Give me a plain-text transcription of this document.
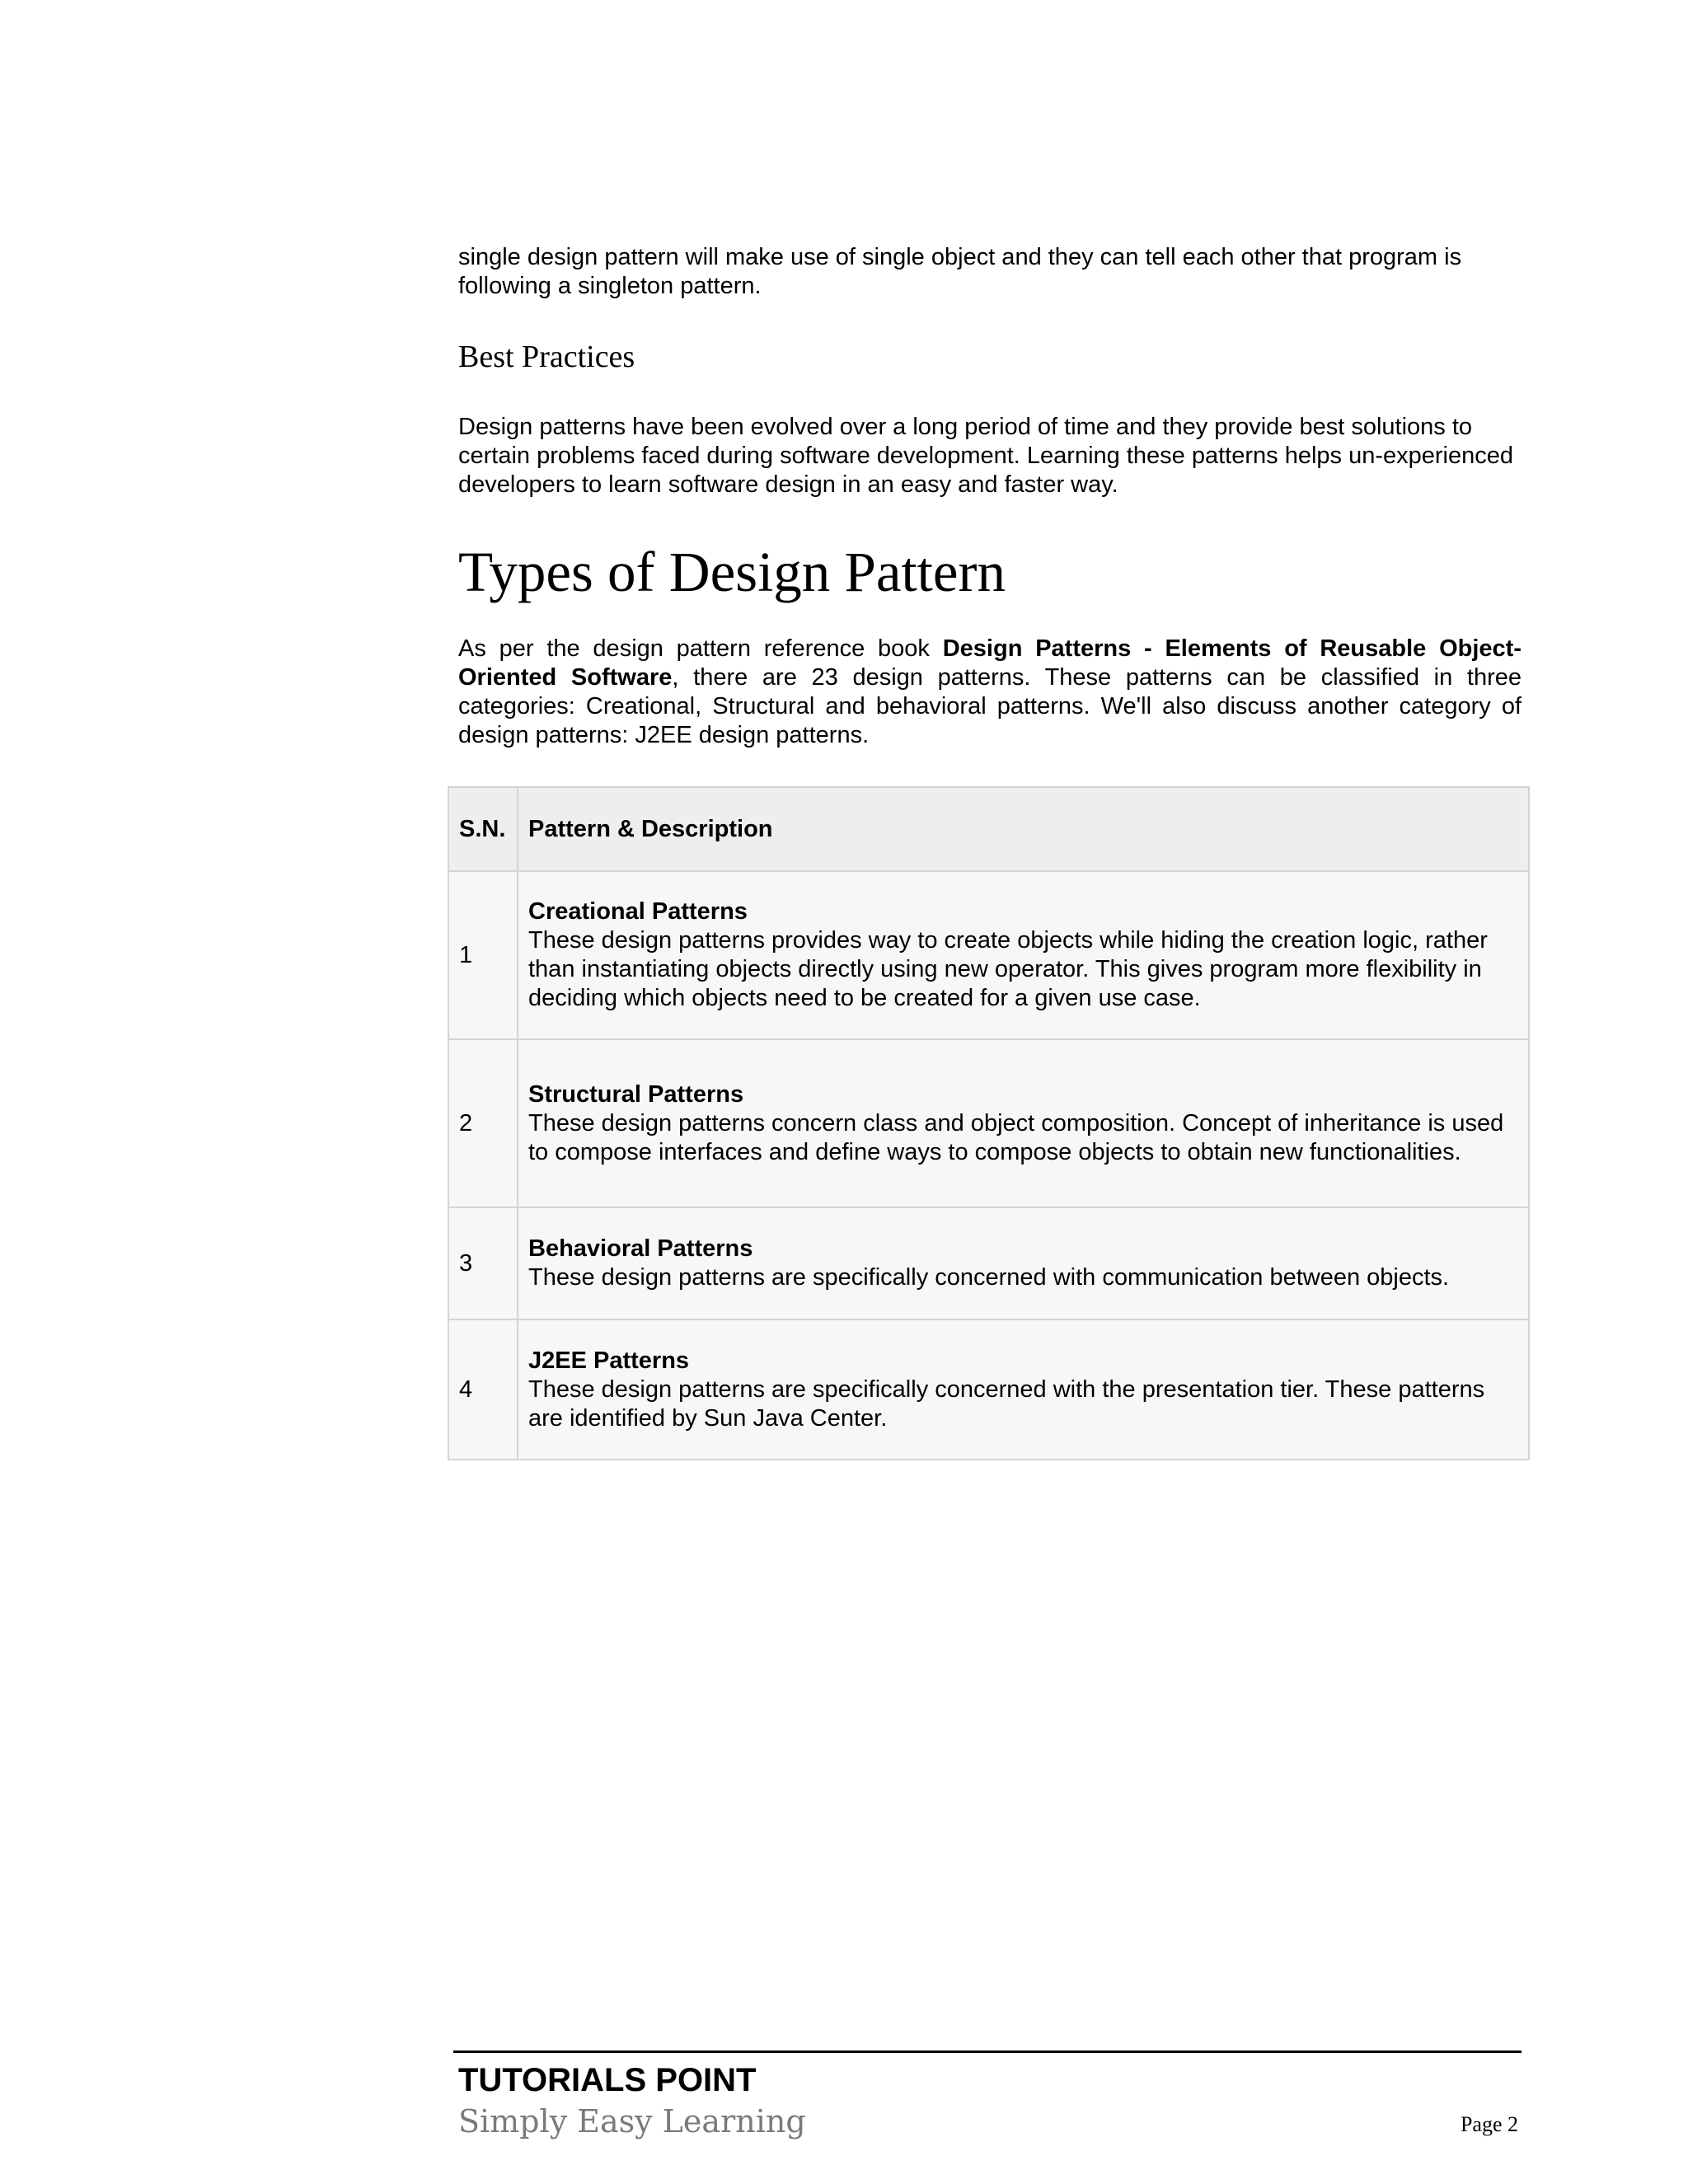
single design pattern will make use of single object and they can tell each other that program is following a singleton pattern.

Best Practices

Design patterns have been evolved over a long period of time and they provide best solutions to certain problems faced during software development. Learning these patterns helps un-experienced developers to learn software design in an easy and faster way.

Types of Design Pattern

As per the design pattern reference book Design Patterns - Elements of Reusable Object-Oriented Software, there are 23 design patterns. These patterns can be classified in three categories: Creational, Structural and behavioral patterns. We'll also discuss another category of design patterns: J2EE design patterns.

S.N.	Pattern & Description
1	Creational Patterns
These design patterns provides way to create objects while hiding the creation logic, rather than instantiating objects directly using new operator. This gives program more flexibility in deciding which objects need to be created for a given use case.

2	Structural Patterns
These design patterns concern class and object composition. Concept of inheritance is used to compose interfaces and define ways to compose objects to obtain new functionalities.

3	Behavioral Patterns
These design patterns are specifically concerned with communication between objects.

4	J2EE Patterns
These design patterns are specifically concerned with the presentation tier. These patterns are identified by Sun Java Center.
TUTORIALS POINT
Simply Easy Learning	Page 2
